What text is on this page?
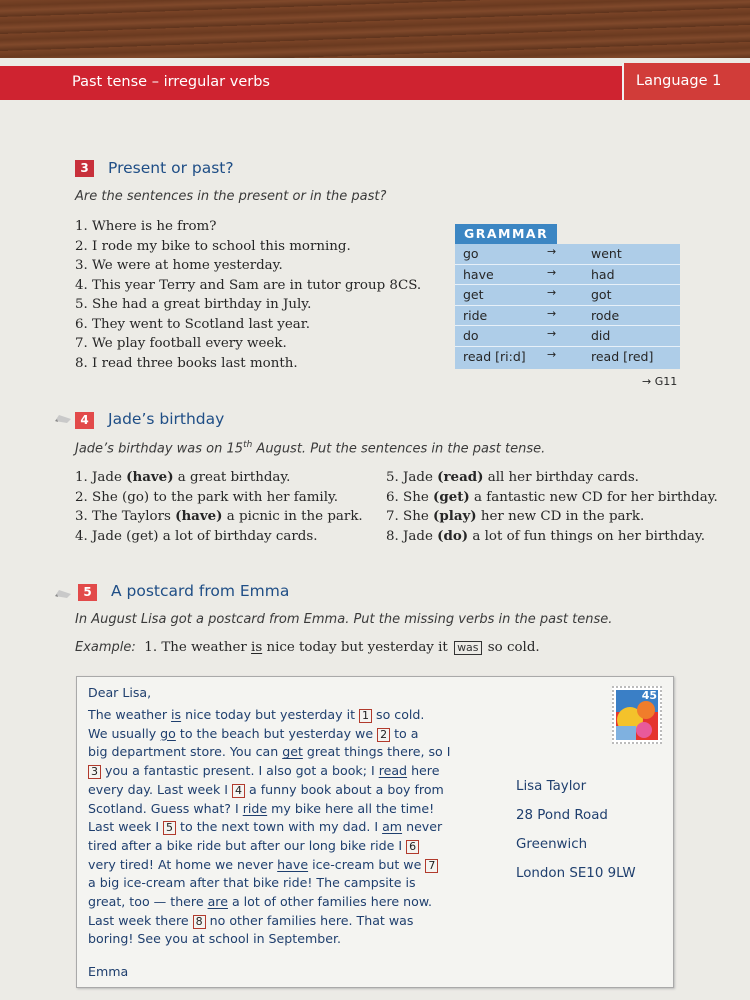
Past tense – irregular verbs	Language 1
3	Present or past?
Are the sentences in the present or in the past?
1. Where is he from?
2. I rode my bike to school this morning.
3. We were at home yesterday.
4. This year Terry and Sam are in tutor group 8CS.
5. She had a great birthday in July.
6. They went to Scotland last year.
7. We play football every week.
8. I read three books last month.
GRAMMAR
go	→	went
have	→	had
get	→	got
ride	→	rode
do	→	did
read [ri:d] →	read [red]
→ G11
4	Jade’s birthday
Jade’s birthday was on 15th August. Put the sentences in the past tense.
1. Jade (have) a great birthday.
2. She (go) to the park with her family.
3. The Taylors (have) a picnic in the park.
4. Jade (get) a lot of birthday cards.
5. Jade (read) all her birthday cards.
6. She (get) a fantastic new CD for her birthday.
7. She (play) her new CD in the park.
8. Jade (do) a lot of fun things on her birthday.
5	A postcard from Emma
In August Lisa got a postcard from Emma. Put the missing verbs in the past tense.
Example: 1. The weather is nice today but yesterday it was so cold.
Dear Lisa,
The weather is nice today but yesterday it 1 so cold.
We usually go to the beach but yesterday we 2 to a
big department store. You can get great things there, so I
3 you a fantastic present. I also got a book; I read here
every day. Last week I 4 a funny book about a boy from
Scotland. Guess what? I ride my bike here all the time!
Last week I 5 to the next town with my dad. I am never
tired after a bike ride but after our long bike ride I 6
very tired! At home we never have ice-cream but we 7
a big ice-cream after that bike ride! The campsite is
great, too — there are a lot of other families here now.
Last week there 8 no other families here. That was
boring! See you at school in September.
Emma
45
Lisa Taylor
28 Pond Road
Greenwich
London SE10 9LW
